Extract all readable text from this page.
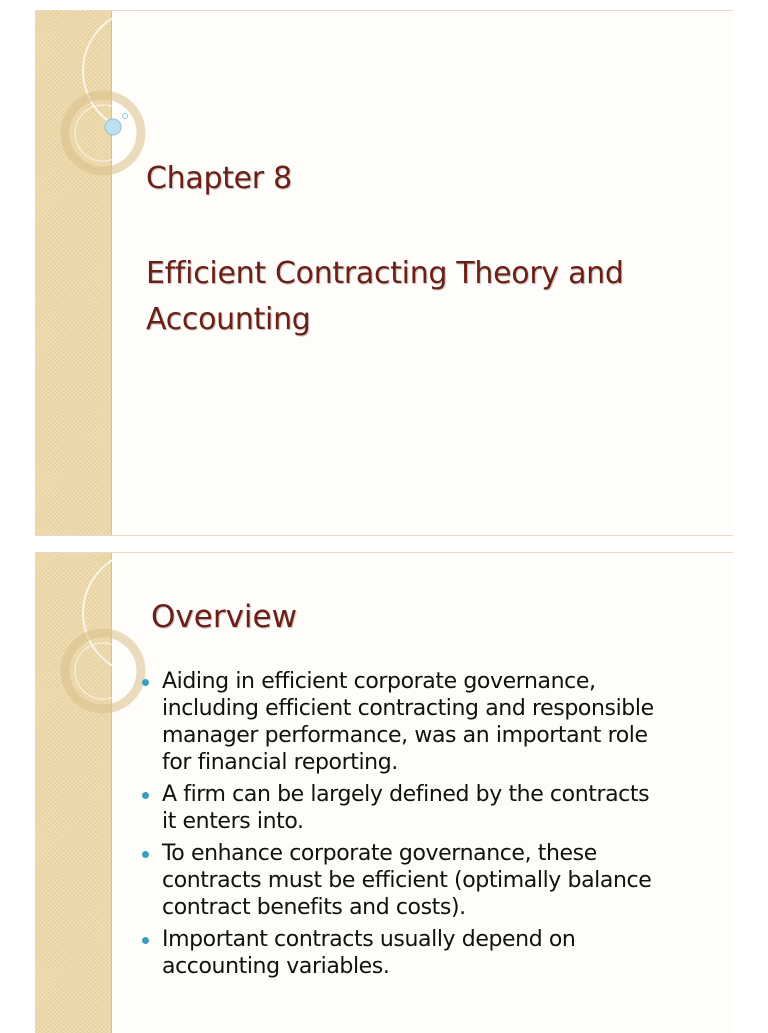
Chapter 8
Efficient Contracting Theory and
Accounting
Overview
Aiding in efficient corporate governance,
including efficient contracting and responsible
manager performance, was an important role
for financial reporting.
A firm can be largely defined by the contracts
it enters into.
To enhance corporate governance, these
contracts must be efficient (optimally balance
contract benefits and costs).
Important contracts usually depend on
accounting variables.
